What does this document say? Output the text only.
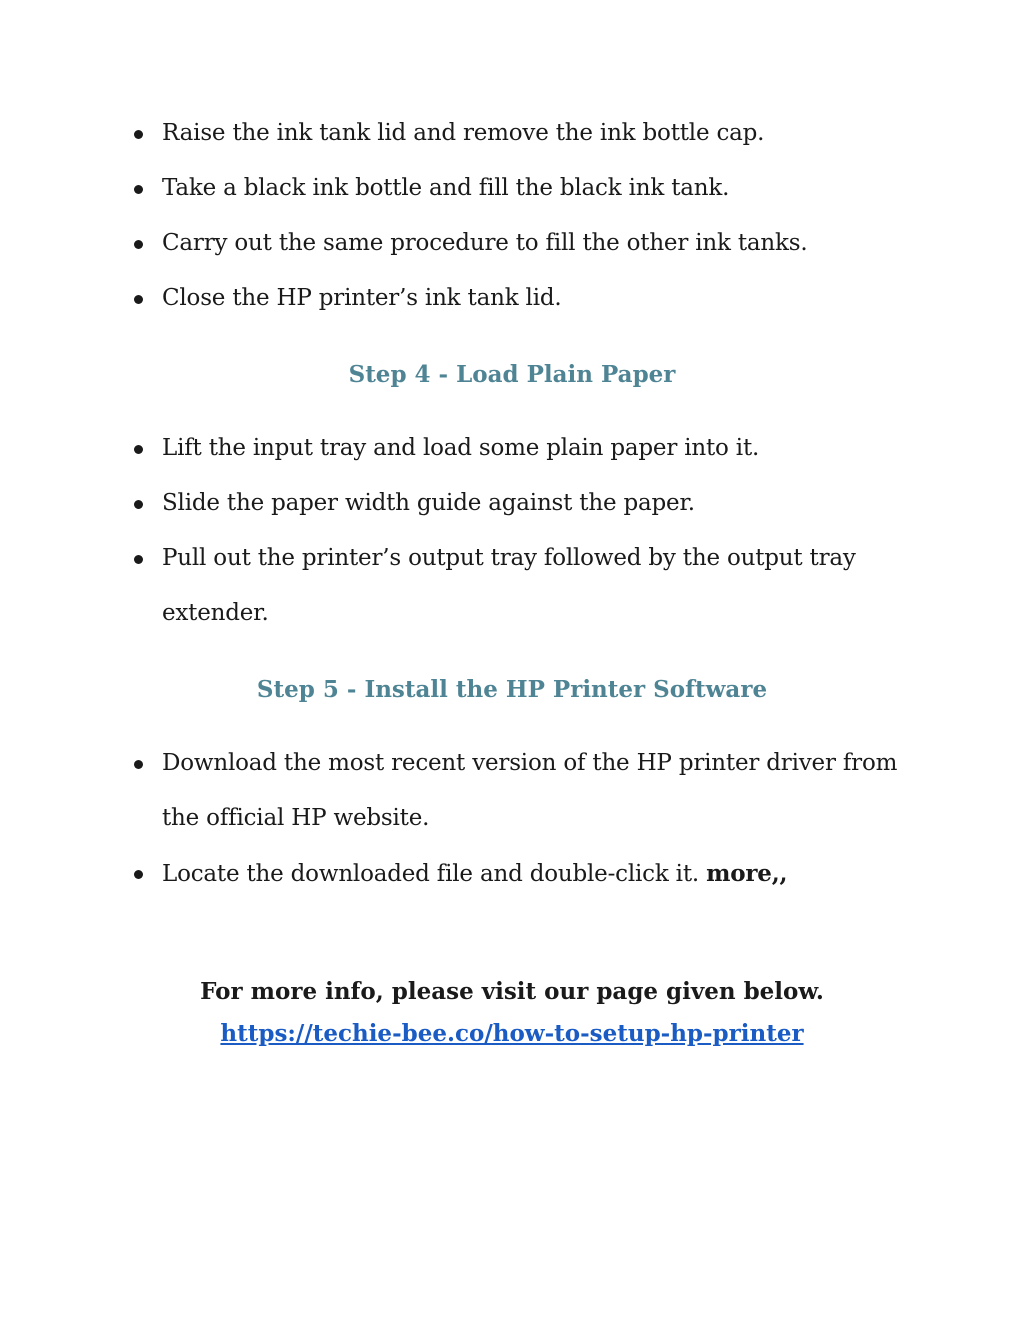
Raise the ink tank lid and remove the ink bottle cap.
Take a black ink bottle and fill the black ink tank.
Carry out the same procedure to fill the other ink tanks.
Close the HP printer’s ink tank lid.
Step 4 - Load Plain Paper
Lift the input tray and load some plain paper into it.
Slide the paper width guide against the paper.
Pull out the printer’s output tray followed by the output tray extender.
Step 5 - Install the HP Printer Software
Download the most recent version of the HP printer driver from the official HP website.
Locate the downloaded file and double-click it. more,,
For more info, please visit our page given below.
https://techie-bee.co/how-to-setup-hp-printer
